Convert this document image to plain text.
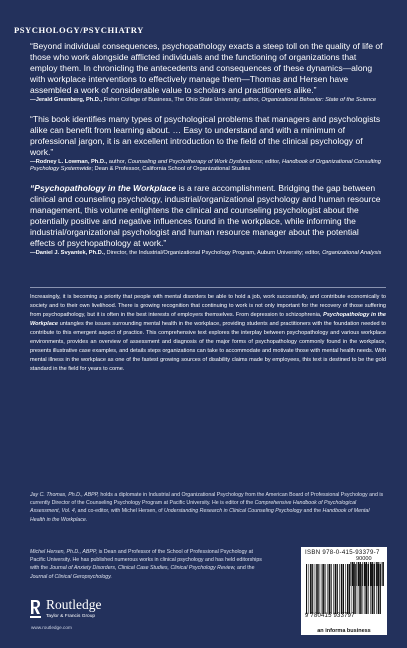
PSYCHOLOGY/PSYCHIATRY

“Beyond individual consequences, psychopathology exacts a steep toll on the quality of life of those who work alongside afflicted individuals and the functioning of organizations that employ them. In chronicling the antecedents and consequences of these dynamics—along with workplace interventions to effectively manage them—Thomas and Hersen have assembled a work of considerable value to scholars and practitioners alike.”

—Jerald Greenberg, Ph.D., Fisher College of Business, The Ohio State University; author, Organizational Behavior: State of the Science

“This book identifies many types of psychological problems that managers and psychologists alike can benefit from learning about. … Easy to understand and with a minimum of professional jargon, it is an excellent introduction to the field of the clinical psychology of work.”

—Rodney L. Lowman, Ph.D., author, Counseling and Psychotherapy of Work Dysfunctions; editor, Handbook of Organizational Consulting Psychology Systemwide; Dean & Professor, California School of Organizational Studies

“Psychopathology in the Workplace is a rare accomplishment. Bridging the gap between clinical and counseling psychology, industrial/organizational psychology and human resource management, this volume enlightens the clinical and counseling psychologist about the potentially positive and negative influences found in the workplace, while informing the industrial/organizational psychologist and human resource manager about the potential effects of psychopathology at work.”

—Daniel J. Svyantek, Ph.D., Director, the Industrial/Organizational Psychology Program, Auburn University; editor, Organizational Analysis

Increasingly, it is becoming a priority that people with mental disorders be able to hold a job, work successfully, and contribute economically to society and to their own livelihood. There is growing recognition that continuing to work is not only important for the recovery of those suffering from psychopathology, but it is often in the best interests of employers themselves. From depression to schizophrenia, Psychopathology in the Workplace untangles the issues surrounding mental health in the workplace, providing students and practitioners with the foundation needed to contribute to this emergent aspect of practice. This comprehensive text explores the interplay between psychopathology and various workplace environments, provides an overview of assessment and diagnosis of the major forms of psychopathology commonly found in the workplace, presents illustrative case examples, and details steps organizations can take to accommodate and motivate those with mental health needs. With mental illness in the workplace as one of the fastest growing sources of disability claims made by employees, this text is destined to be the gold standard in the field for years to come.

Jay C. Thomas, Ph.D., ABPP, holds a diplomate in Industrial and Organizational Psychology from the American Board of Professional Psychology and is currently Director of the Counseling Psychology Program at Pacific University. He is editor of the Comprehensive Handbook of Psychological Assessment, Vol. 4, and co-editor, with Michel Hersen, of Understanding Research in Clinical Counseling Psychology and the Handbook of Mental Health in the Workplace.

Michel Hersen, Ph.D., ABPP, is Dean and Professor of the School of Professional Psychology at Pacific University. He has published numerous works in clinical psychology and has held editorships with the Journal of Anxiety Disorders, Clinical Case Studies, Clinical Psychology Review, and the Journal of Clinical Geropsychology.

Routledge
Taylor & Francis Group
www.routledge.com
ISBN 978-0-415-93379-7
90000
9 780415 933797
an informa business
